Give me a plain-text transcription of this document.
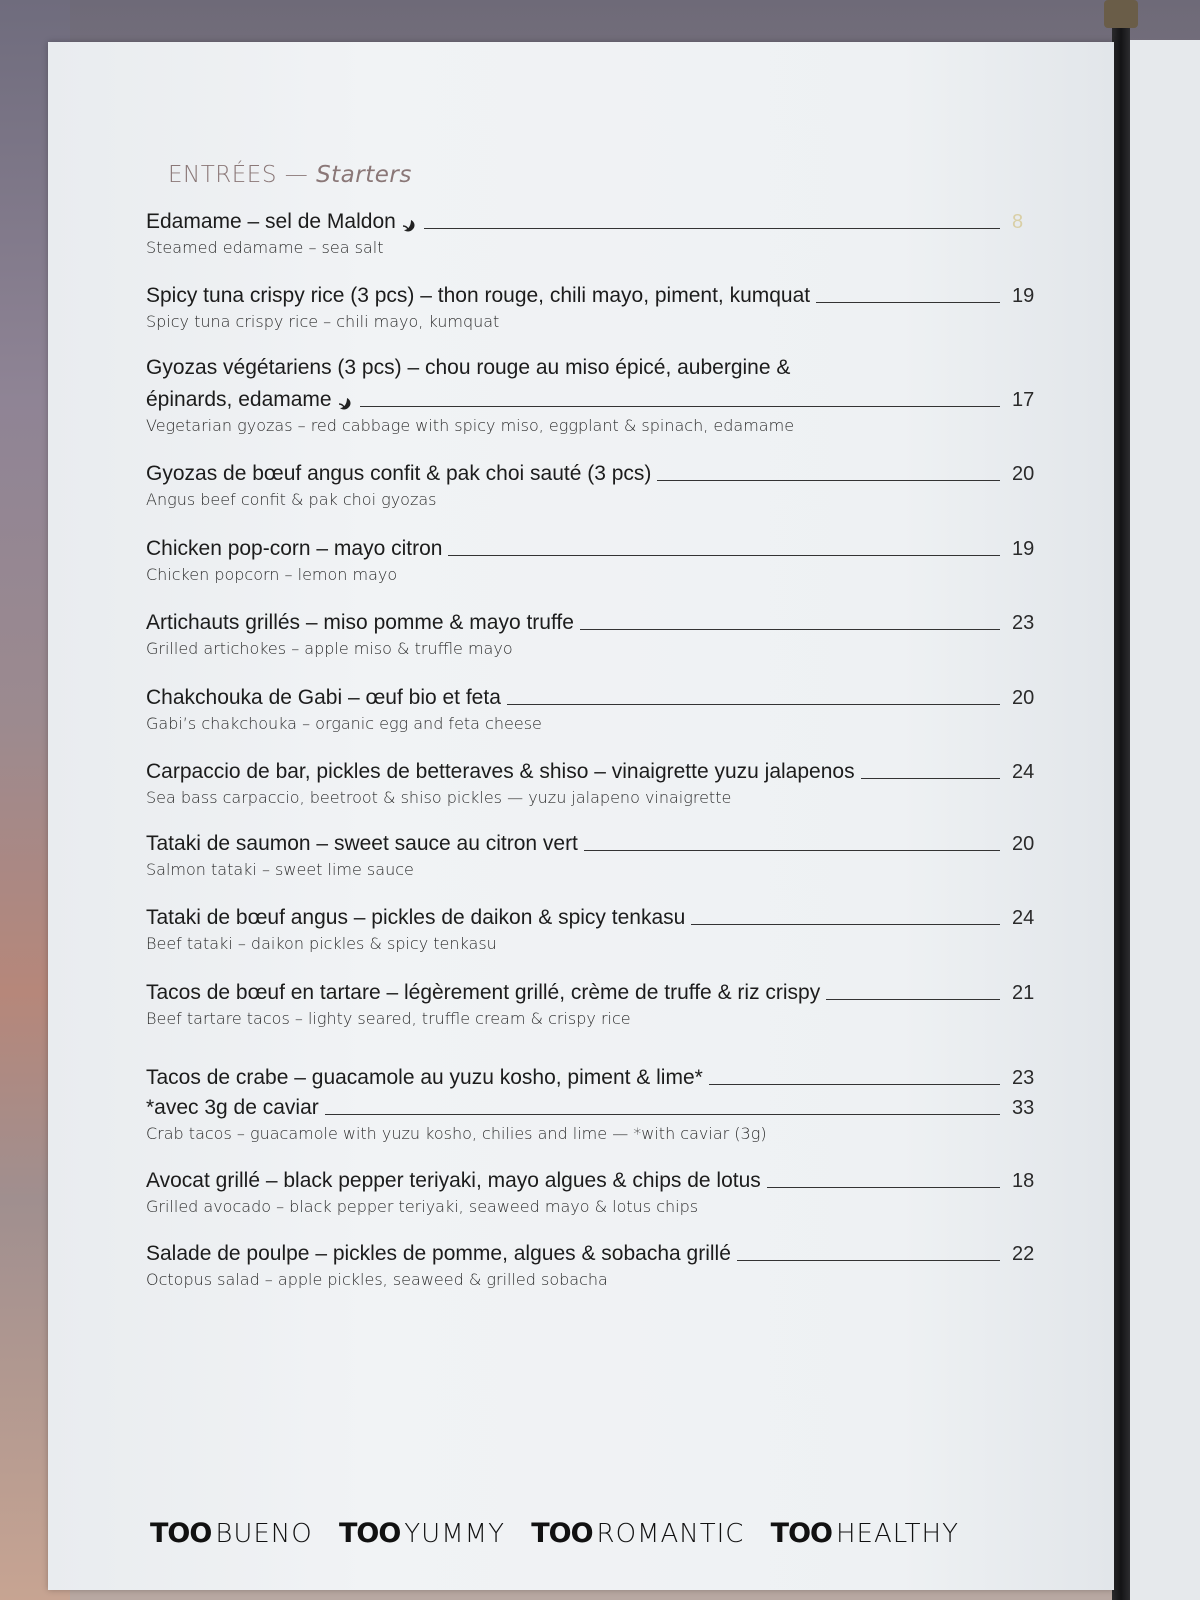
ENTRÉES — Starters
Edamame – sel de Maldon	8
Steamed edamame – sea salt
Spicy tuna crispy rice (3 pcs) – thon rouge, chili mayo, piment, kumquat	19
Spicy tuna crispy rice – chili mayo, kumquat
Gyozas végétariens (3 pcs) – chou rouge au miso épicé, aubergine &
épinards, edamame	17
Vegetarian gyozas – red cabbage with spicy miso, eggplant & spinach, edamame
Gyozas de bœuf angus confit & pak choi sauté (3 pcs)	20
Angus beef confit & pak choi gyozas
Chicken pop-corn – mayo citron	19
Chicken popcorn – lemon mayo
Artichauts grillés – miso pomme & mayo truffe	23
Grilled artichokes – apple miso & truffle mayo
Chakchouka de Gabi – œuf bio et feta	20
Gabi’s chakchouka – organic egg and feta cheese
Carpaccio de bar, pickles de betteraves & shiso – vinaigrette yuzu jalapenos	24
Sea bass carpaccio, beetroot & shiso pickles — yuzu jalapeno vinaigrette
Tataki de saumon – sweet sauce au citron vert	20
Salmon tataki – sweet lime sauce
Tataki de bœuf angus – pickles de daikon & spicy tenkasu	24
Beef tataki – daikon pickles & spicy tenkasu
Tacos de bœuf en tartare – légèrement grillé, crème de truffe & riz crispy	21
Beef tartare tacos – lighty seared, truffle cream & crispy rice
Tacos de crabe – guacamole au yuzu kosho, piment & lime*	23
*avec 3g de caviar	33
Crab tacos – guacamole with yuzu kosho, chilies and lime — *with caviar (3g)
Avocat grillé – black pepper teriyaki, mayo algues & chips de lotus	18
Grilled avocado – black pepper teriyaki, seaweed mayo & lotus chips
Salade de poulpe – pickles de pomme, algues & sobacha grillé	22
Octopus salad – apple pickles, seaweed & grilled sobacha
TOO BUENO TOO YUMMY TOO ROMANTIC TOO HEALTHY
